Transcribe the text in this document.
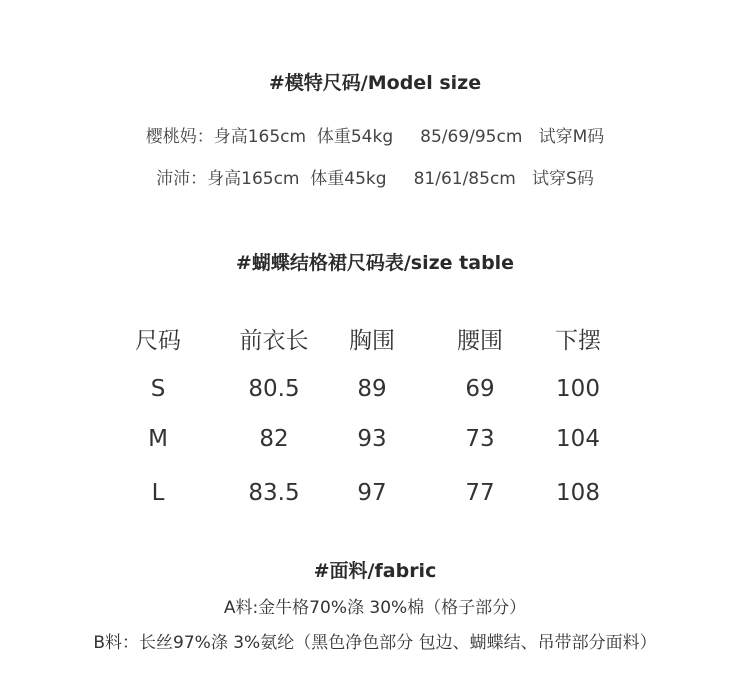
#模特尺码/Model size
樱桃妈：身高165cm  体重54kg     85/69/95cm   试穿M码
沛沛：身高165cm  体重45kg     81/61/85cm   试穿S码
#蝴蝶结格裙尺码表/size table
尺码	前衣长	胸围	腰围	下摆
S	80.5	89	69	100
M	82	93	73	104
L	83.5	97	77	108
#面料/fabric
A料:金牛格70%涤 30%棉（格子部分）
B料：长丝97%涤 3%氨纶（黑色净色部分 包边、蝴蝶结、吊带部分面料）
